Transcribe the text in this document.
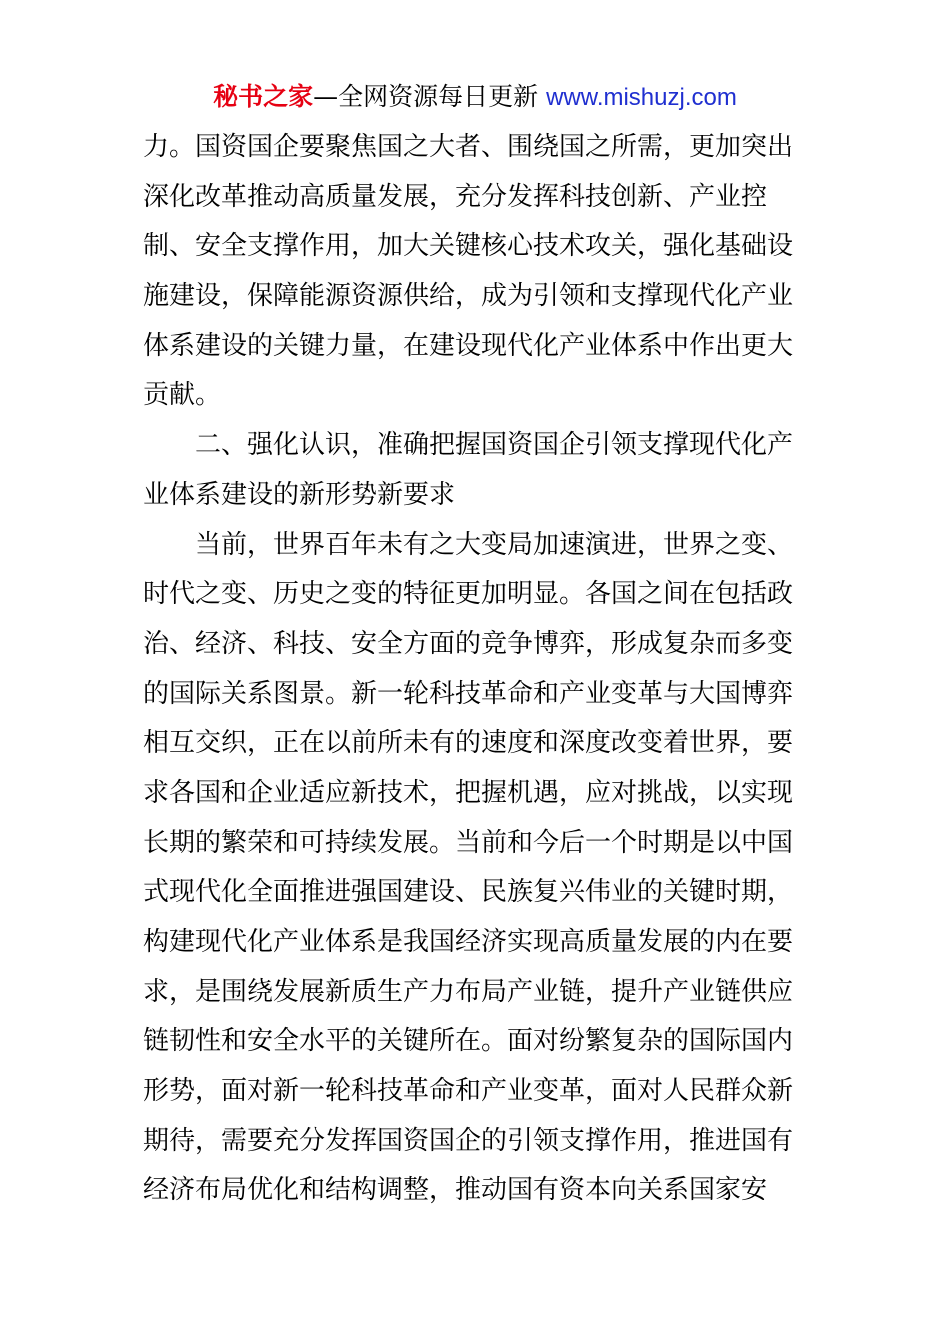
秘书之家—全网资源每日更新 www.mishuzj.com
力。国资国企要聚焦国之大者、围绕国之所需，更加突出
深化改革推动高质量发展，充分发挥科技创新、产业控
制、安全支撑作用，加大关键核心技术攻关，强化基础设
施建设，保障能源资源供给，成为引领和支撑现代化产业
体系建设的关键力量，在建设现代化产业体系中作出更大
贡献。
二、强化认识，准确把握国资国企引领支撑现代化产
业体系建设的新形势新要求
当前，世界百年未有之大变局加速演进，世界之变、
时代之变、历史之变的特征更加明显。各国之间在包括政
治、经济、科技、安全方面的竞争博弈，形成复杂而多变
的国际关系图景。新一轮科技革命和产业变革与大国博弈
相互交织，正在以前所未有的速度和深度改变着世界，要
求各国和企业适应新技术，把握机遇，应对挑战，以实现
长期的繁荣和可持续发展。当前和今后一个时期是以中国
式现代化全面推进强国建设、民族复兴伟业的关键时期，
构建现代化产业体系是我国经济实现高质量发展的内在要
求，是围绕发展新质生产力布局产业链，提升产业链供应
链韧性和安全水平的关键所在。面对纷繁复杂的国际国内
形势，面对新一轮科技革命和产业变革，面对人民群众新
期待，需要充分发挥国资国企的引领支撑作用，推进国有
经济布局优化和结构调整，推动国有资本向关系国家安
